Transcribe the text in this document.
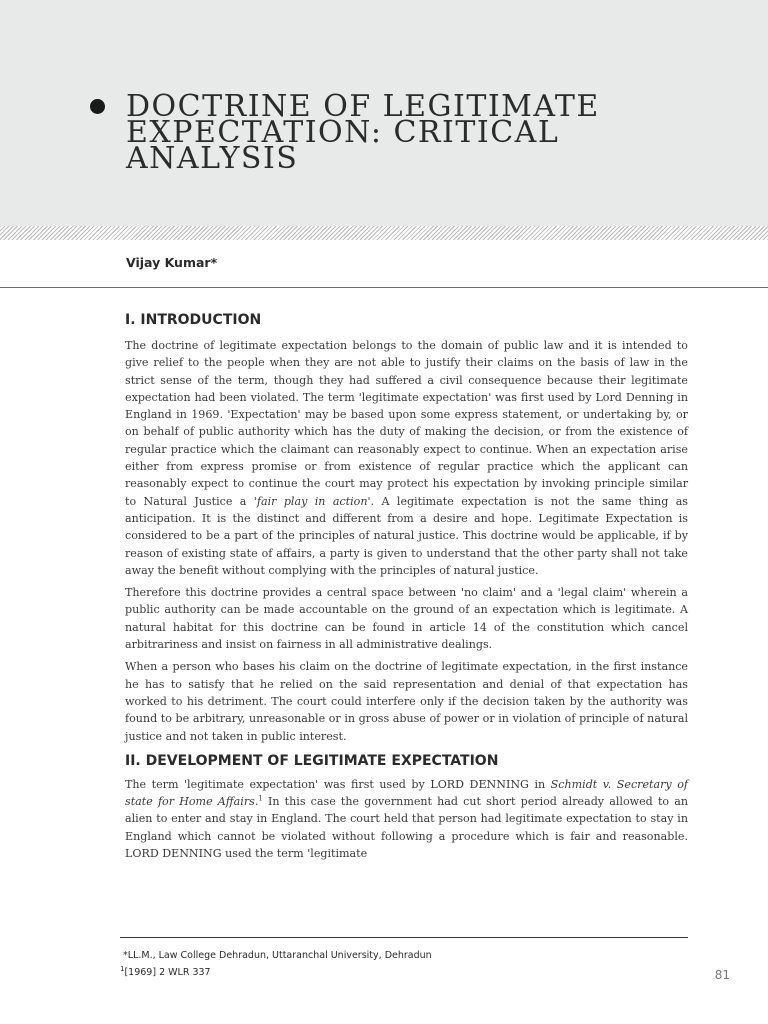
DOCTRINE OF LEGITIMATE EXPECTATION: CRITICAL ANALYSIS
Vijay Kumar*
I. INTRODUCTION

The doctrine of legitimate expectation belongs to the domain of public law and it is intended to give relief to the people when they are not able to justify their claims on the basis of law in the strict sense of the term, though they had suffered a civil consequence because their legitimate expectation had been violated. The term 'legitimate expectation' was first used by Lord Denning in England in 1969. 'Expectation' may be based upon some express statement, or undertaking by, or on behalf of public authority which has the duty of making the decision, or from the existence of regular practice which the claimant can reasonably expect to continue. When an expectation arise either from express promise or from existence of regular practice which the applicant can reasonably expect to continue the court may protect his expectation by invoking principle similar to Natural Justice a 'fair play in action'. A legitimate expectation is not the same thing as anticipation. It is the distinct and different from a desire and hope. Legitimate Expectation is considered to be a part of the principles of natural justice. This doctrine would be applicable, if by reason of existing state of affairs, a party is given to understand that the other party shall not take away the benefit without complying with the principles of natural justice.

Therefore this doctrine provides a central space between 'no claim' and a 'legal claim' wherein a public authority can be made accountable on the ground of an expectation which is legitimate. A natural habitat for this doctrine can be found in article 14 of the constitution which cancel arbitrariness and insist on fairness in all administrative dealings.

When a person who bases his claim on the doctrine of legitimate expectation, in the first instance he has to satisfy that he relied on the said representation and denial of that expectation has worked to his detriment. The court could interfere only if the decision taken by the authority was found to be arbitrary, unreasonable or in gross abuse of power or in violation of principle of natural justice and not taken in public interest.

II. DEVELOPMENT OF LEGITIMATE EXPECTATION

The term 'legitimate expectation' was first used by LORD DENNING in Schmidt v. Secretary of state for Home Affairs.$^1$ In this case the government had cut short period already allowed to an alien to enter and stay in England. The court held that person had legitimate expectation to stay in England which cannot be violated without following a procedure which is fair and reasonable. LORD DENNING used the term 'legitimate

*LL.M., Law College Dehradun, Uttaranchal University, Dehradun
$^1$[1969] 2 WLR 337	81
